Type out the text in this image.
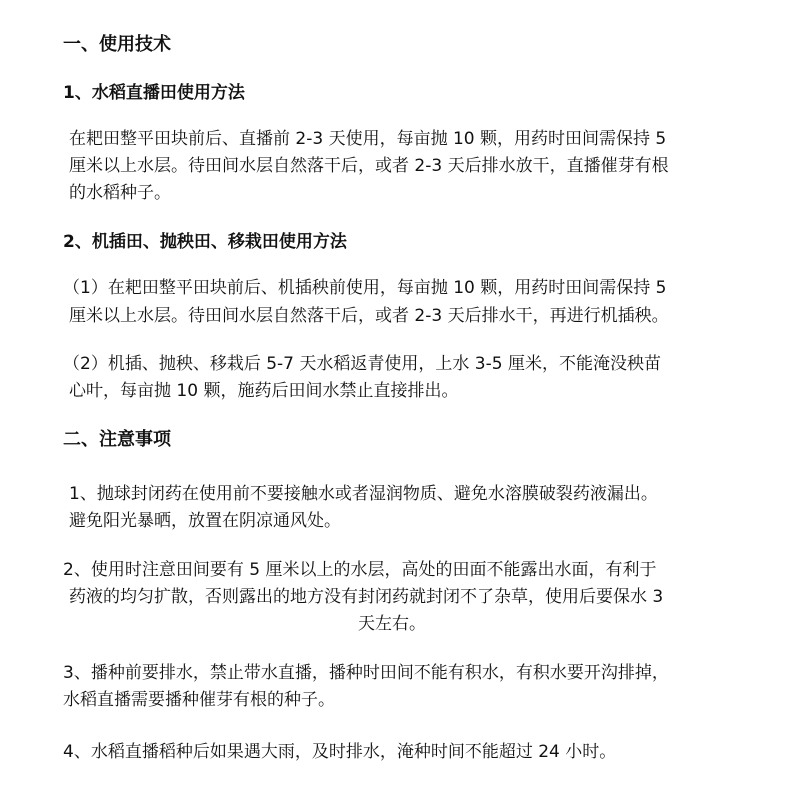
一、使用技术
1、水稻直播田使用方法
在耙田整平田块前后、直播前 2-3 天使用，每亩抛 10 颗，用药时田间需保持 5
厘米以上水层。待田间水层自然落干后，或者 2-3 天后排水放干，直播催芽有根
的水稻种子。
2、机插田、抛秧田、移栽田使用方法
（1）在耙田整平田块前后、机插秧前使用，每亩抛 10 颗，用药时田间需保持 5
厘米以上水层。待田间水层自然落干后，或者 2-3 天后排水干，再进行机插秧。
（2）机插、抛秧、移栽后 5-7 天水稻返青使用，上水 3-5 厘米，不能淹没秧苗
心叶，每亩抛 10 颗，施药后田间水禁止直接排出。
二、注意事项
1、抛球封闭药在使用前不要接触水或者湿润物质、避免水溶膜破裂药液漏出。
避免阳光暴晒，放置在阴凉通风处。
2、使用时注意田间要有 5 厘米以上的水层，高处的田面不能露出水面，有利于
药液的均匀扩散，否则露出的地方没有封闭药就封闭不了杂草，使用后要保水 3
天左右。
3、播种前要排水，禁止带水直播，播种时田间不能有积水，有积水要开沟排掉，
水稻直播需要播种催芽有根的种子。
4、水稻直播稻种后如果遇大雨，及时排水，淹种时间不能超过 24 小时。
